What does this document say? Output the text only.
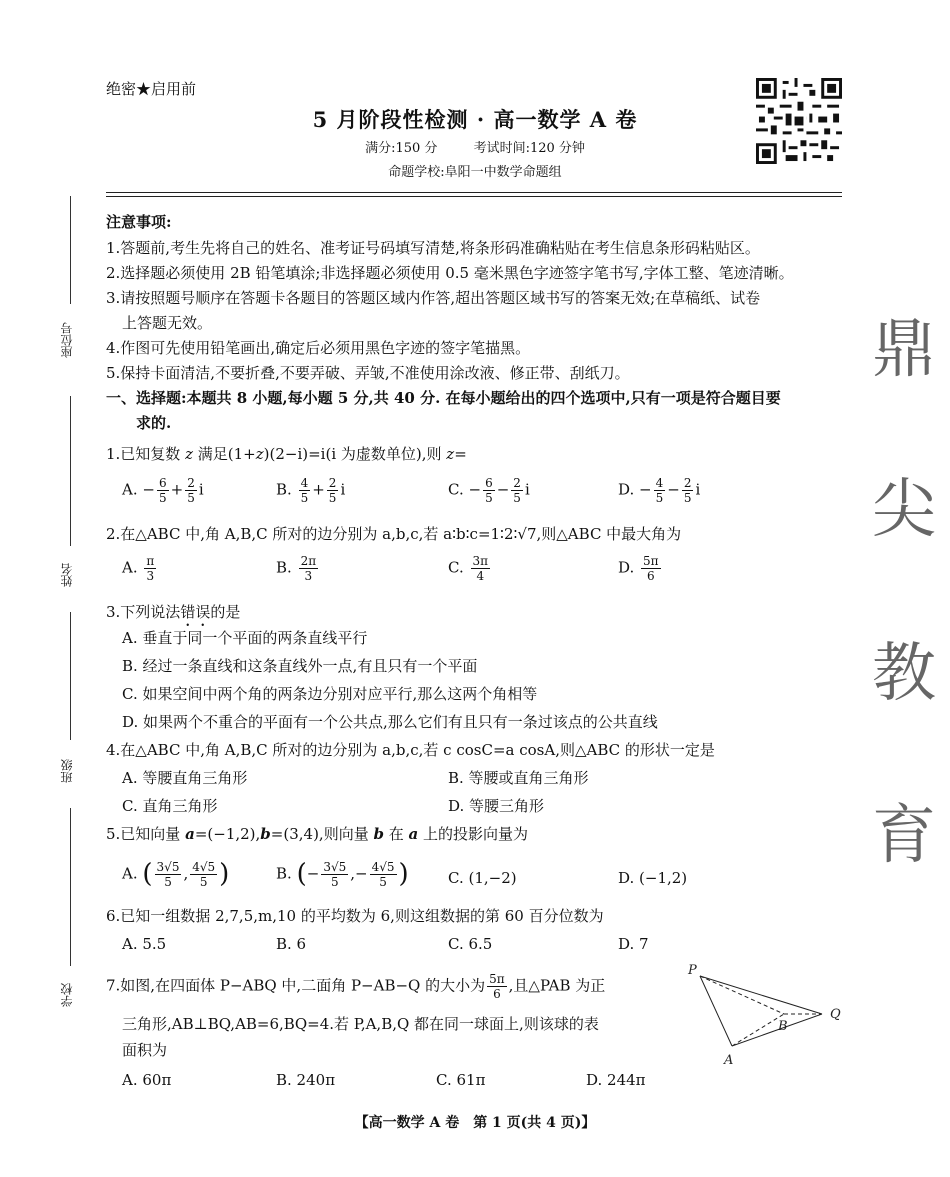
绝密★启用前
5 月阶段性检测 · 高一数学 A 卷
满分:150 分	考试时间:120 分钟
命题学校:阜阳一中数学命题组
鼎
尖
教
育
座位号
姓名
班级
学校
注意事项:
1.答题前,考生先将自己的姓名、准考证号码填写清楚,将条形码准确粘贴在考生信息条形码粘贴区。
2.选择题必须使用 2B 铅笔填涂;非选择题必须使用 0.5 毫米黑色字迹签字笔书写,字体工整、笔迹清晰。
3.请按照题号顺序在答题卡各题目的答题区域内作答,超出答题区域书写的答案无效;在草稿纸、试卷
上答题无效。
4.作图可先使用铅笔画出,确定后必须用黑色字迹的签字笔描黑。
5.保持卡面清洁,不要折叠,不要弄破、弄皱,不准使用涂改液、修正带、刮纸刀。
一、选择题:本题共 8 小题,每小题 5 分,共 40 分. 在每小题给出的四个选项中,只有一项是符合题目要
求的.
1.已知复数 z 满足(1+z)(2−i)=i(i 为虚数单位),则 z=
A. − $\frac{6}{5} + \frac{2}{5}$ i	B. $\frac{4}{5} + \frac{2}{5}$ i	C. − $\frac{6}{5} - \frac{2}{5}$ i	D. − $\frac{4}{5} - \frac{2}{5}$ i
2.在△ABC 中,角 A,B,C 所对的边分别为 a,b,c,若 a∶b∶c=1∶2∶√7,则△ABC 中最大角为
A. $\frac{\pi}{3}$	B. $\frac{2\pi}{3}$	C. $\frac{3\pi}{4}$	D. $\frac{5\pi}{6}$
3.下列说法错误的是
A. 垂直于同一个平面的两条直线平行
B. 经过一条直线和这条直线外一点,有且只有一个平面
C. 如果空间中两个角的两条边分别对应平行,那么这两个角相等
D. 如果两个不重合的平面有一个公共点,那么它们有且只有一条过该点的公共直线
4.在△ABC 中,角 A,B,C 所对的边分别为 a,b,c,若 c cosC=a cosA,则△ABC 的形状一定是
A. 等腰直角三角形	B. 等腰或直角三角形
C. 直角三角形	D. 等腰三角形
5.已知向量 a=(−1,2),b=(3,4),则向量 b 在 a 上的投影向量为
A. ( $\frac{3√5}{5}$ , $\frac{4√5}{5}$ )	B. (− $\frac{3√5}{5}$ ,− $\frac{4√5}{5}$ )	C. (1,−2)	D. (−1,2)
6.已知一组数据 2,7,5,m,10 的平均数为 6,则这组数据的第 60 百分位数为
A. 5.5	B. 6	C. 6.5	D. 7
7.如图,在四面体 P−ABQ 中,二面角 P−AB−Q 的大小为 $\frac{5\pi}{6}$ ,且△PAB 为正
三角形,AB⊥BQ,AB=6,BQ=4.若 P,A,B,Q 都在同一球面上,则该球的表
面积为
A. 60π	B. 240π	C. 61π	D. 244π
P
Q
B
A
【高一数学 A 卷　第 1 页(共 4 页)】
